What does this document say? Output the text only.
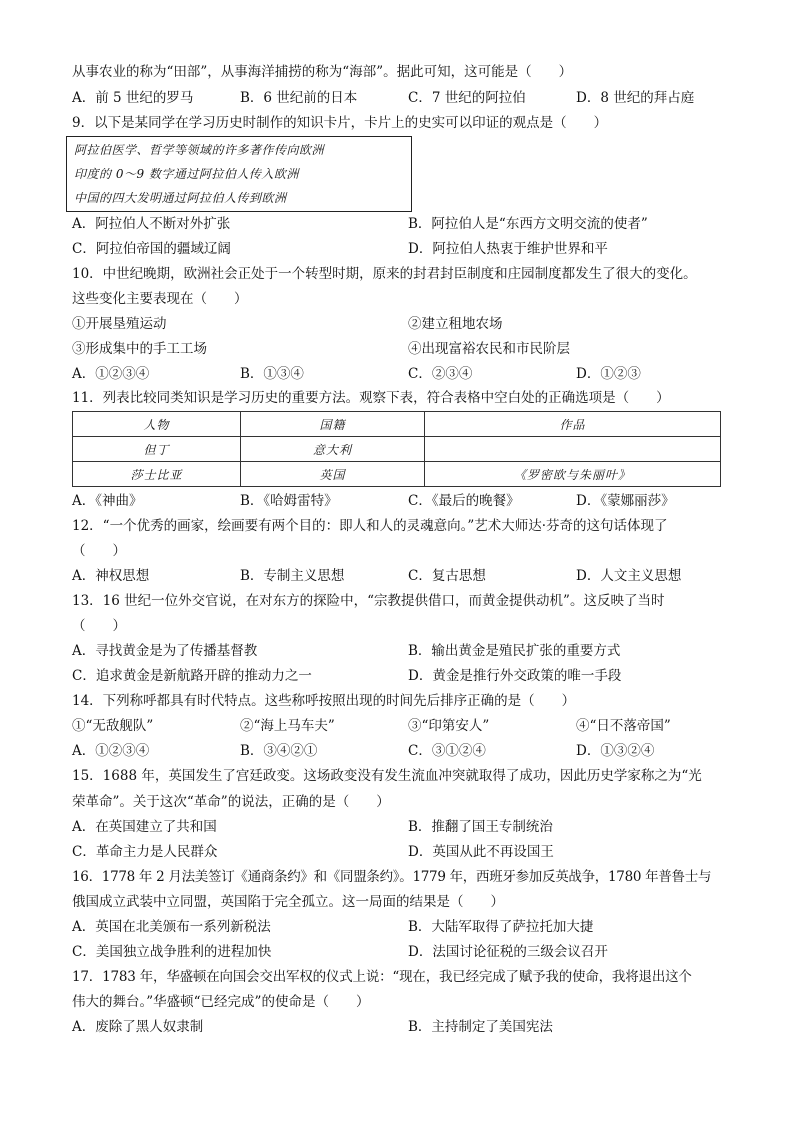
从事农业的称为“田部”，从事海洋捕捞的称为“海部”。据此可知，这可能是（　　）
A．前 5 世纪的罗马	B．6 世纪前的日本	C．7 世纪的阿拉伯	D．8 世纪的拜占庭
9．以下是某同学在学习历史时制作的知识卡片，卡片上的史实可以印证的观点是（　　）
阿拉伯医学、哲学等领域的许多著作传向欧洲
印度的 0～9 数字通过阿拉伯人传入欧洲
中国的四大发明通过阿拉伯人传到欧洲
A．阿拉伯人不断对外扩张	B．阿拉伯人是“东西方文明交流的使者”
C．阿拉伯帝国的疆域辽阔	D．阿拉伯人热衷于维护世界和平
10．中世纪晚期，欧洲社会正处于一个转型时期，原来的封君封臣制度和庄园制度都发生了很大的变化。
这些变化主要表现在（　　）
①开展垦殖运动	②建立租地农场
③形成集中的手工工场	④出现富裕农民和市民阶层
A．①②③④	B．①③④	C．②③④	D．①②③
11．列表比较同类知识是学习历史的重要方法。观察下表，符合表格中空白处的正确选项是（　　）
人物	国籍	作品
但丁	意大利	
莎士比亚	英国	《罗密欧与朱丽叶》
A．《神曲》	B．《哈姆雷特》	C．《最后的晚餐》	D．《蒙娜丽莎》
12．“一个优秀的画家，绘画要有两个目的：即人和人的灵魂意向。”艺术大师达·芬奇的这句话体现了
（　　）
A．神权思想	B．专制主义思想	C．复古思想	D．人文主义思想
13．16 世纪一位外交官说，在对东方的探险中，“宗教提供借口，而黄金提供动机”。这反映了当时
（　　）
A．寻找黄金是为了传播基督教	B．输出黄金是殖民扩张的重要方式
C．追求黄金是新航路开辟的推动力之一	D．黄金是推行外交政策的唯一手段
14．下列称呼都具有时代特点。这些称呼按照出现的时间先后排序正确的是（　　）
①“无敌舰队”	②“海上马车夫”	③“印第安人”	④“日不落帝国”
A．①②③④	B．③④②①	C．③①②④	D．①③②④
15．1688 年，英国发生了宫廷政变。这场政变没有发生流血冲突就取得了成功，因此历史学家称之为“光
荣革命”。关于这次“革命”的说法，正确的是（　　）
A．在英国建立了共和国	B．推翻了国王专制统治
C．革命主力是人民群众	D．英国从此不再设国王
16．1778 年 2 月法美签订《通商条约》和《同盟条约》。1779 年，西班牙参加反英战争，1780 年普鲁士与
俄国成立武装中立同盟，英国陷于完全孤立。这一局面的结果是（　　）
A．英国在北美颁布一系列新税法	B．大陆军取得了萨拉托加大捷
C．美国独立战争胜利的进程加快	D．法国讨论征税的三级会议召开
17．1783 年，华盛顿在向国会交出军权的仪式上说：“现在，我已经完成了赋予我的使命，我将退出这个
伟大的舞台。”华盛顿“已经完成”的使命是（　　）
A．废除了黑人奴隶制	B．主持制定了美国宪法
